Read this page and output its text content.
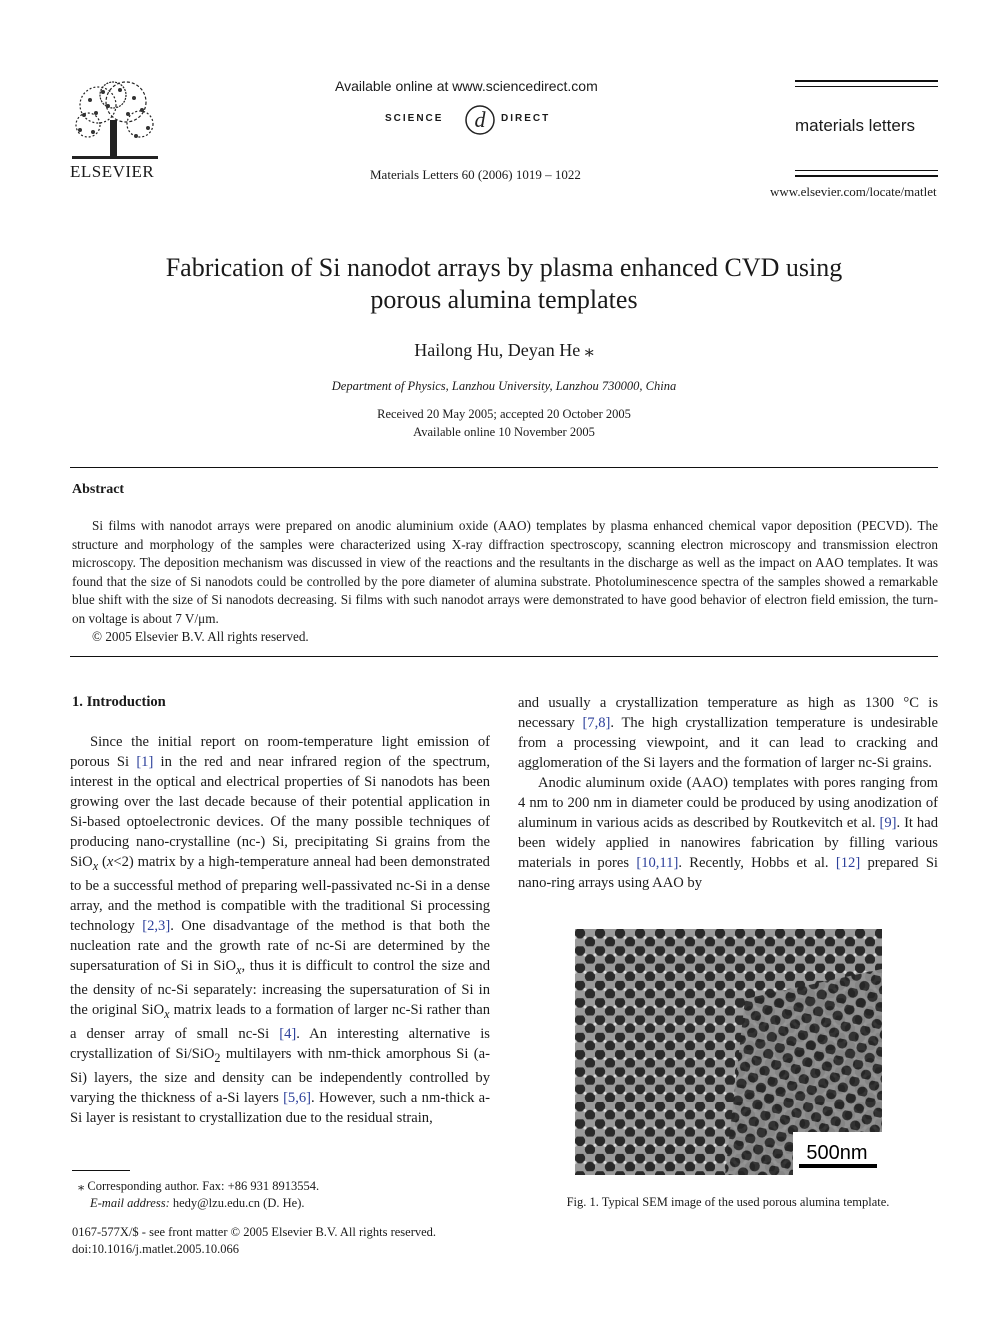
ELSEVIER
Available online at www.sciencedirect.com
SCIENCE d DIRECT
Materials Letters 60 (2006) 1019 – 1022
materials letters
www.elsevier.com/locate/matlet
Fabrication of Si nanodot arrays by plasma enhanced CVD using
porous alumina templates
Hailong Hu, Deyan He ⁎
Department of Physics, Lanzhou University, Lanzhou 730000, China
Received 20 May 2005; accepted 20 October 2005
Available online 10 November 2005
Abstract

Si films with nanodot arrays were prepared on anodic aluminium oxide (AAO) templates by plasma enhanced chemical vapor deposition (PECVD). The structure and morphology of the samples were characterized using X-ray diffraction spectroscopy, scanning electron microscopy and transmission electron microscopy. The deposition mechanism was discussed in view of the reactions and the resultants in the discharge as well as the impact on AAO templates. It was found that the size of Si nanodots could be controlled by the pore diameter of alumina substrate. Photoluminescence spectra of the samples showed a remarkable blue shift with the size of Si nanodots decreasing. Si films with such nanodot arrays were demonstrated to have good behavior of electron field emission, the turn-on voltage is about 7 V/μm.

© 2005 Elsevier B.V. All rights reserved.

1. Introduction

Since the initial report on room-temperature light emission of porous Si [1] in the red and near infrared region of the spectrum, interest in the optical and electrical properties of Si nanodots has been growing over the last decade because of their potential application in Si-based optoelectronic devices. Of the many possible techniques of producing nano-crystalline (nc-) Si, precipitating Si grains from the SiO$_x$ (x<2) matrix by a high-temperature anneal had been demonstrated to be a successful method of preparing well-passivated nc-Si in a dense array, and the method is compatible with the traditional Si processing technology [2,3]. One disadvantage of the method is that both the nucleation rate and the growth rate of nc-Si are determined by the supersaturation of Si in SiO$_x$, thus it is difficult to control the size and the density of nc-Si separately: increasing the supersaturation of Si in the original SiO$_x$ matrix leads to a formation of larger nc-Si rather than a denser array of small nc-Si [4]. An interesting alternative is crystallization of Si/SiO$_2$ multilayers with nm-thick amorphous Si (a-Si) layers, the size and density can be independently controlled by varying the thickness of a-Si layers [5,6]. However, such a nm-thick a-Si layer is resistant to crystallization due to the residual strain,

⁎ Corresponding author. Fax: +86 931 8913554.
E-mail address: hedy@lzu.edu.cn (D. He).
0167-577X/$ - see front matter © 2005 Elsevier B.V. All rights reserved.
doi:10.1016/j.matlet.2005.10.066

and usually a crystallization temperature as high as 1300 °C is necessary [7,8]. The high crystallization temperature is undesirable from a processing viewpoint, and it can lead to cracking and agglomeration of the Si layers and the formation of larger nc-Si grains.

Anodic aluminum oxide (AAO) templates with pores ranging from 4 nm to 200 nm in diameter could be produced by using anodization of aluminum in various acids as described by Routkevitch et al. [9]. It had been widely applied in nanowires fabrication by filling various materials in pores [10,11]. Recently, Hobbs et al. [12] prepared Si nano-ring arrays using AAO by

500nm
Fig. 1. Typical SEM image of the used porous alumina template.
